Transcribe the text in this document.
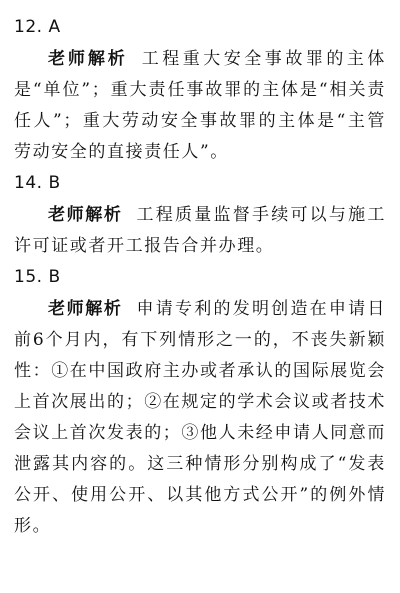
12. A

老师解析 工程重大安全事故罪的主体是“单位”；重大责任事故罪的主体是“相关责任人”；重大劳动安全事故罪的主体是“主管劳动安全的直接责任人”。

14. B

老师解析 工程质量监督手续可以与施工许可证或者开工报告合并办理。

15. B

老师解析 申请专利的发明创造在申请日前6个月内，有下列情形之一的，不丧失新颖性：①在中国政府主办或者承认的国际展览会上首次展出的；②在规定的学术会议或者技术会议上首次发表的；③他人未经申请人同意而泄露其内容的。这三种情形分别构成了“发表公开、使用公开、以其他方式公开”的例外情形。
